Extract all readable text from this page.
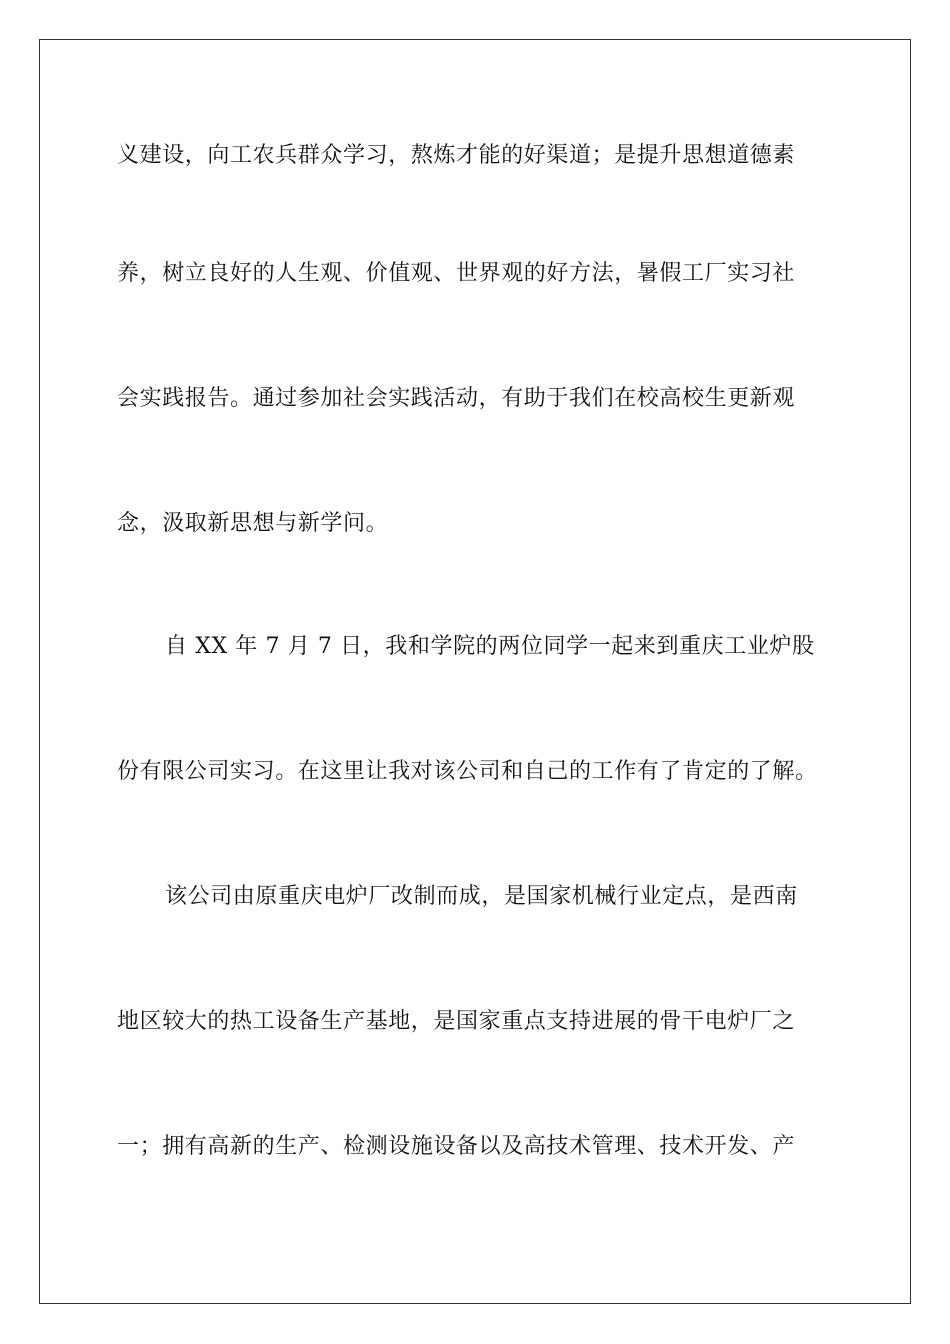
义建设，向工农兵群众学习，熬炼才能的好渠道；是提升思想道德素
养，树立良好的人生观、价值观、世界观的好方法，暑假工厂实习社
会实践报告。通过参加社会实践活动，有助于我们在校高校生更新观
念，汲取新思想与新学问。
自 XX 年 7 月 7 日，我和学院的两位同学一起来到重庆工业炉股
份有限公司实习。在这里让我对该公司和自己的工作有了肯定的了解。
该公司由原重庆电炉厂改制而成，是国家机械行业定点，是西南
地区较大的热工设备生产基地，是国家重点支持进展的骨干电炉厂之
一；拥有高新的生产、检测设施设备以及高技术管理、技术开发、产
